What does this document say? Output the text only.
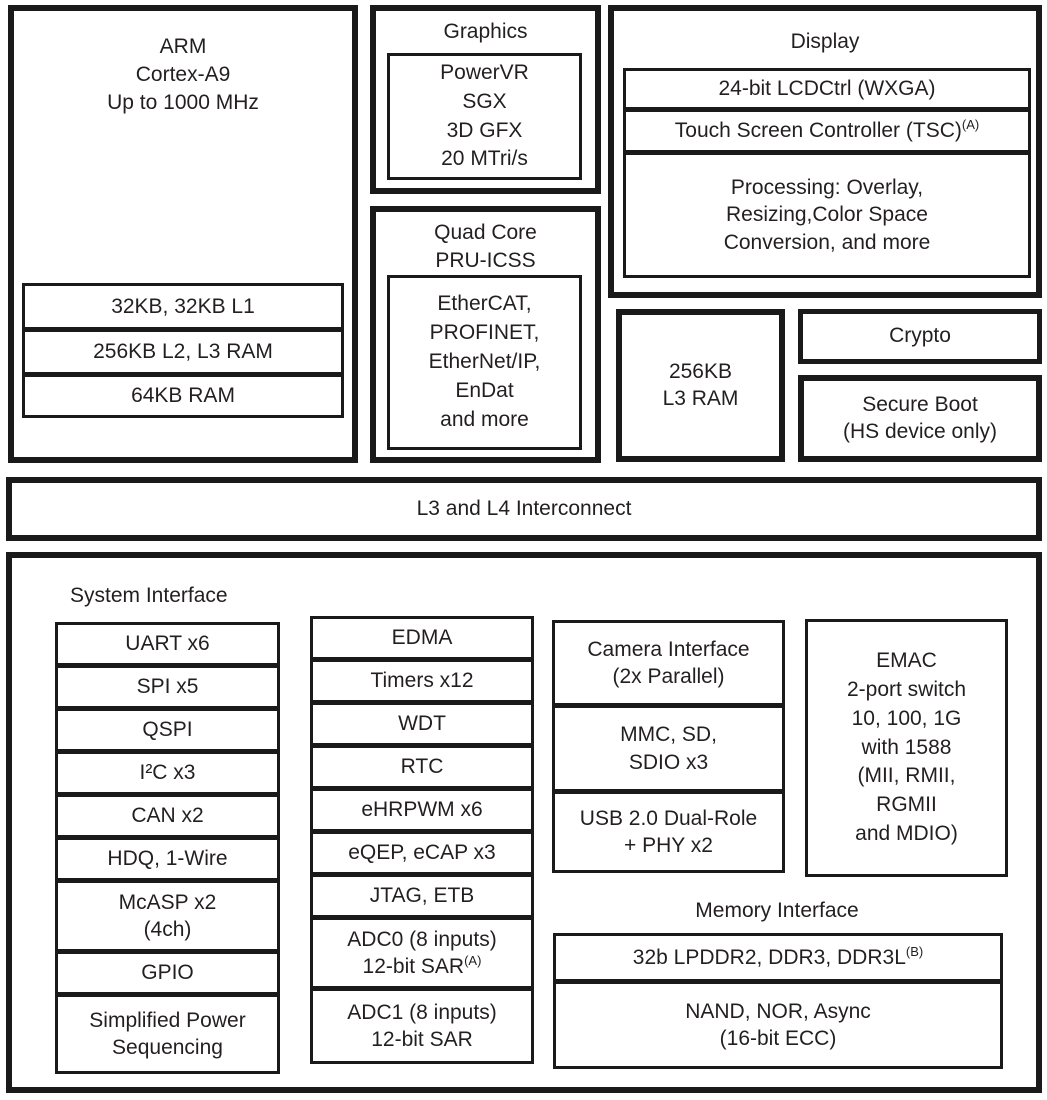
ARM
Cortex-A9
Up to 1000 MHz
32KB, 32KB L1
256KB L2, L3 RAM
64KB RAM
Graphics
PowerVR
SGX
3D GFX
20 MTri/s
Quad Core
PRU-ICSS
EtherCAT,
PROFINET,
EtherNet/IP,
EnDat
and more
Display
24-bit LCDCtrl (WXGA)
Touch Screen Controller (TSC)$^{(A)}$
Processing: Overlay,
Resizing,Color Space
Conversion, and more
256KB
L3 RAM
Crypto
Secure Boot
(HS device only)
L3 and L4 Interconnect
System Interface
UART x6
SPI x5
QSPI
I²C x3
CAN x2
HDQ, 1-Wire
McASP x2
(4ch)
GPIO
Simplified Power
Sequencing
EDMA
Timers x12
WDT
RTC
eHRPWM x6
eQEP, eCAP x3
JTAG, ETB
ADC0 (8 inputs)
12-bit SAR$^{(A)}$
ADC1 (8 inputs)
12-bit SAR
Camera Interface
(2x Parallel)
MMC, SD,
SDIO x3
USB 2.0 Dual-Role
+ PHY x2
EMAC
2-port switch
10, 100, 1G
with 1588
(MII, RMII,
RGMII
and MDIO)
Memory Interface
32b LPDDR2, DDR3, DDR3L$^{(B)}$
NAND, NOR, Async
(16-bit ECC)
